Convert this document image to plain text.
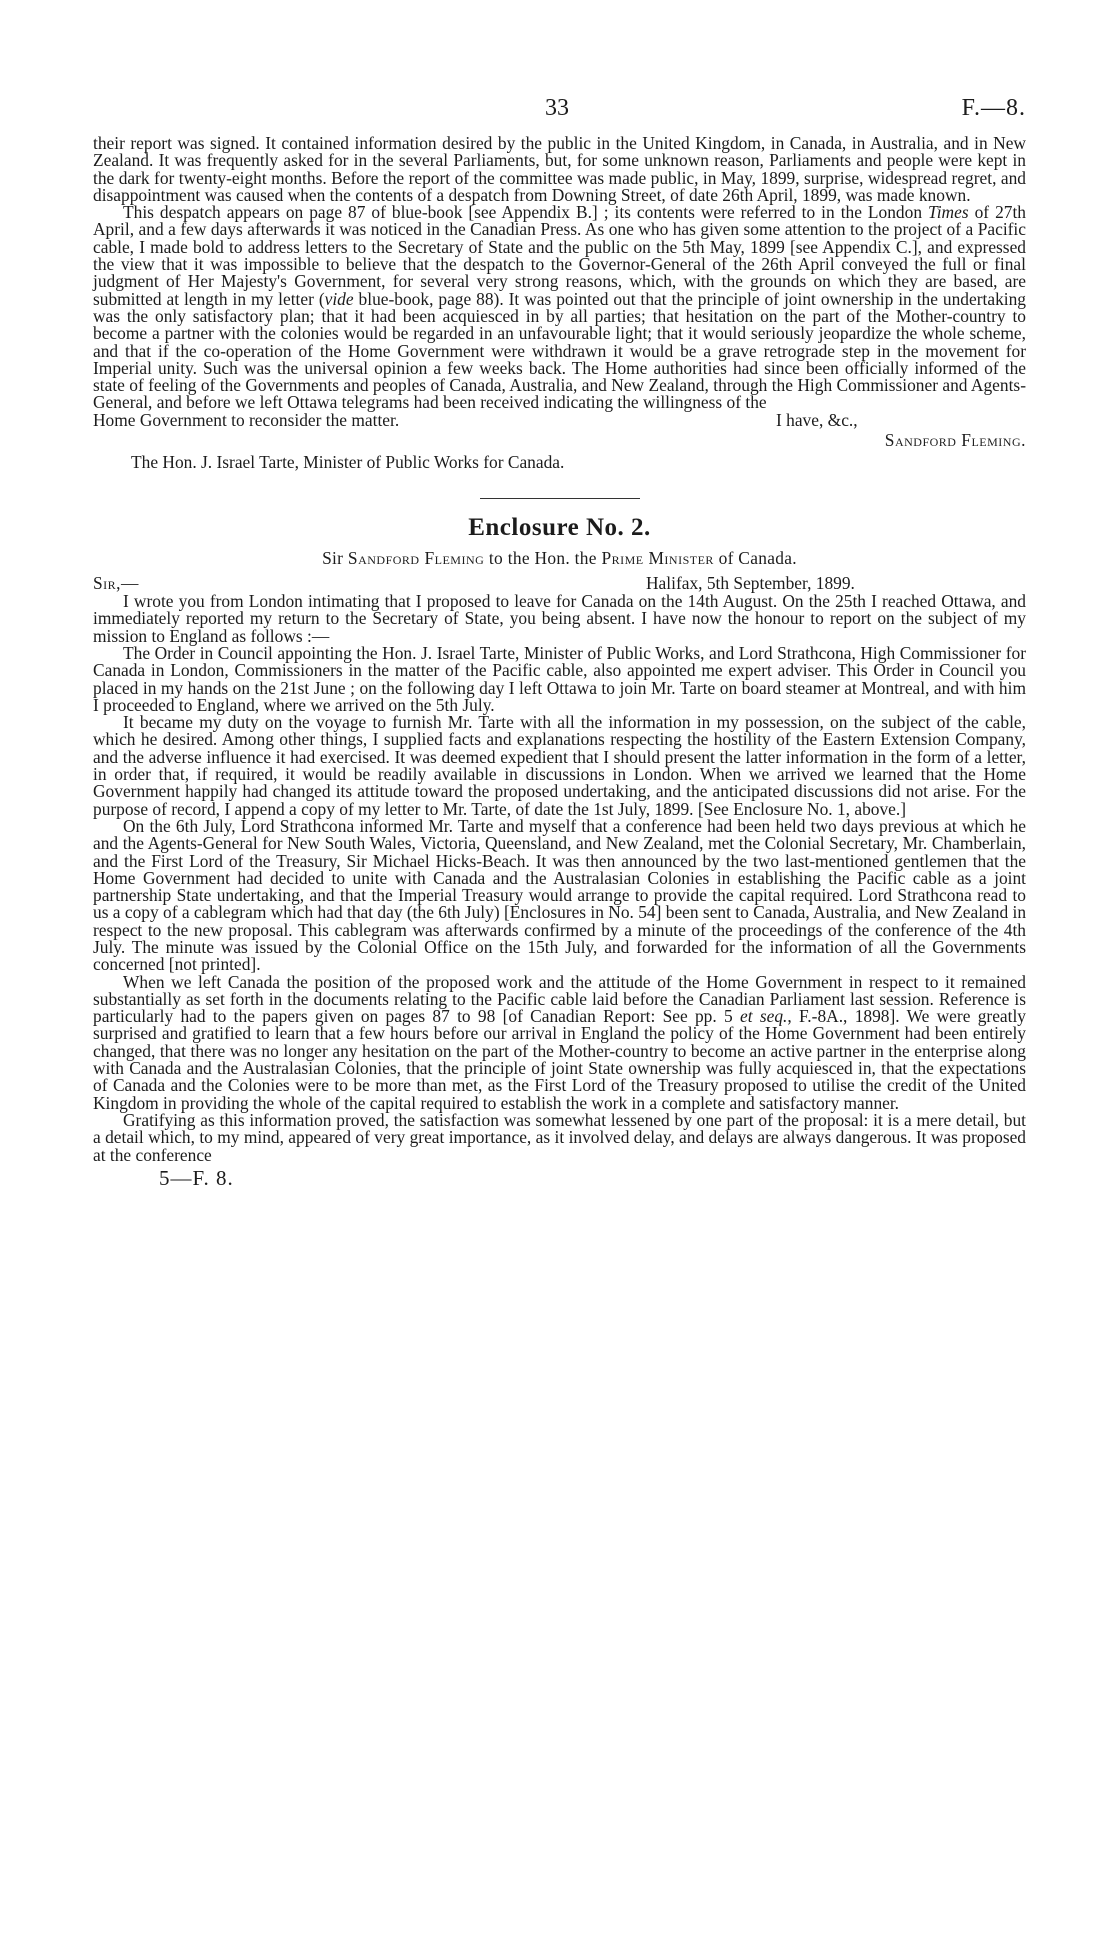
33	F.—8.

their report was signed. It contained information desired by the public in the United Kingdom, in Canada, in Australia, and in New Zealand. It was frequently asked for in the several Parliaments, but, for some unknown reason, Parliaments and people were kept in the dark for twenty-eight months. Before the report of the committee was made public, in May, 1899, surprise, widespread regret, and disappointment was caused when the contents of a despatch from Downing Street, of date 26th April, 1899, was made known.

This despatch appears on page 87 of blue-book [see Appendix B.] ; its contents were referred to in the London Times of 27th April, and a few days afterwards it was noticed in the Canadian Press. As one who has given some attention to the project of a Pacific cable, I made bold to address letters to the Secretary of State and the public on the 5th May, 1899 [see Appendix C.], and expressed the view that it was impossible to believe that the despatch to the Governor-General of the 26th April conveyed the full or final judgment of Her Majesty's Government, for several very strong reasons, which, with the grounds on which they are based, are submitted at length in my letter (vide blue-book, page 88). It was pointed out that the principle of joint ownership in the undertaking was the only satisfactory plan; that it had been acquiesced in by all parties; that hesitation on the part of the Mother-country to become a partner with the colonies would be regarded in an unfavourable light; that it would seriously jeopardize the whole scheme, and that if the co-operation of the Home Government were withdrawn it would be a grave retrograde step in the movement for Imperial unity. Such was the universal opinion a few weeks back. The Home authorities had since been officially informed of the state of feeling of the Governments and peoples of Canada, Australia, and New Zealand, through the High Commissioner and Agents-General, and before we left Ottawa telegrams had been received indicating the willingness of the

Home Government to reconsider the matter.	I have, &c.,
Sandford Fleming.
The Hon. J. Israel Tarte, Minister of Public Works for Canada.
Enclosure No. 2.
Sir Sandford Fleming to the Hon. the Prime Minister of Canada.
Sir,—	Halifax, 5th September, 1899.

I wrote you from London intimating that I proposed to leave for Canada on the 14th August. On the 25th I reached Ottawa, and immediately reported my return to the Secretary of State, you being absent. I have now the honour to report on the subject of my mission to England as follows :—

The Order in Council appointing the Hon. J. Israel Tarte, Minister of Public Works, and Lord Strathcona, High Commissioner for Canada in London, Commissioners in the matter of the Pacific cable, also appointed me expert adviser. This Order in Council you placed in my hands on the 21st June ; on the following day I left Ottawa to join Mr. Tarte on board steamer at Montreal, and with him I proceeded to England, where we arrived on the 5th July.

It became my duty on the voyage to furnish Mr. Tarte with all the information in my possession, on the subject of the cable, which he desired. Among other things, I supplied facts and explanations respecting the hostility of the Eastern Extension Company, and the adverse influence it had exercised. It was deemed expedient that I should present the latter information in the form of a letter, in order that, if required, it would be readily available in discussions in London. When we arrived we learned that the Home Government happily had changed its attitude toward the proposed undertaking, and the anticipated discussions did not arise. For the purpose of record, I append a copy of my letter to Mr. Tarte, of date the 1st July, 1899. [See Enclosure No. 1, above.]

On the 6th July, Lord Strathcona informed Mr. Tarte and myself that a conference had been held two days previous at which he and the Agents-General for New South Wales, Victoria, Queensland, and New Zealand, met the Colonial Secretary, Mr. Chamberlain, and the First Lord of the Treasury, Sir Michael Hicks-Beach. It was then announced by the two last-mentioned gentlemen that the Home Government had decided to unite with Canada and the Australasian Colonies in establishing the Pacific cable as a joint partnership State undertaking, and that the Imperial Treasury would arrange to provide the capital required. Lord Strathcona read to us a copy of a cablegram which had that day (the 6th July) [Enclosures in No. 54] been sent to Canada, Australia, and New Zealand in respect to the new proposal. This cablegram was afterwards confirmed by a minute of the proceedings of the conference of the 4th July. The minute was issued by the Colonial Office on the 15th July, and forwarded for the information of all the Governments concerned [not printed].

When we left Canada the position of the proposed work and the attitude of the Home Government in respect to it remained substantially as set forth in the documents relating to the Pacific cable laid before the Canadian Parliament last session. Reference is particularly had to the papers given on pages 87 to 98 [of Canadian Report: See pp. 5 et seq., F.-8A., 1898]. We were greatly surprised and gratified to learn that a few hours before our arrival in England the policy of the Home Government had been entirely changed, that there was no longer any hesitation on the part of the Mother-country to become an active partner in the enterprise along with Canada and the Australasian Colonies, that the principle of joint State ownership was fully acquiesced in, that the expectations of Canada and the Colonies were to be more than met, as the First Lord of the Treasury proposed to utilise the credit of the United Kingdom in providing the whole of the capital required to establish the work in a complete and satisfactory manner.

Gratifying as this information proved, the satisfaction was somewhat lessened by one part of the proposal: it is a mere detail, but a detail which, to my mind, appeared of very great importance, as it involved delay, and delays are always dangerous. It was proposed at the conference

5—F. 8.
